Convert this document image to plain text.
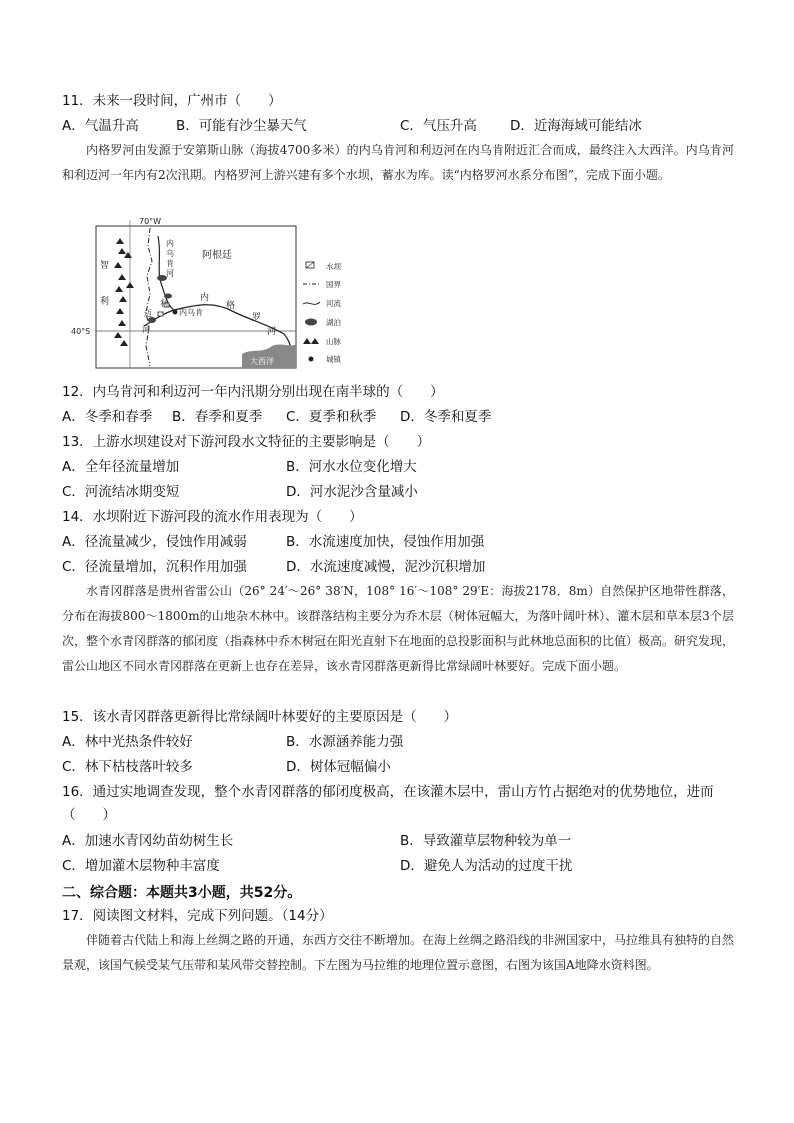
11．未来一段时间，广州市（　　）
A．气温升高	B．可能有沙尘暴天气	C．气压升高 D．近海海域可能结冰
内格罗河由发源于安第斯山脉（海拔4700多米）的内乌肯河和利迈河在内乌肯附近汇合而成，最终注入大西洋。内乌肯河和利迈河一年内有2次汛期。内格罗河上游兴建有多个水坝，蓄水为库。读“内格罗河水系分布图”，完成下面小题。
70°W
40°S
智
利
内乌肯
内
乌
肯
河
利
迈
河
内
格
罗
河
阿根廷
大西洋
水坝
国界
河流
湖泊
山脉
城镇
12．内乌肯河和利迈河一年内汛期分别出现在南半球的（　　）
A．冬季和春季 B．春季和夏季 C．夏季和秋季 D．冬季和夏季
13．上游水坝建设对下游河段水文特征的主要影响是（　　）
A．全年径流量增加	B．河水水位变化增大
C．河流结冰期变短	D．河水泥沙含量减小
14．水坝附近下游河段的流水作用表现为（　　）
A．径流量减少，侵蚀作用减弱	B．水流速度加快，侵蚀作用加强
C．径流量增加，沉积作用加强	D．水流速度减慢，泥沙沉积增加
水青冈群落是贵州省雷公山（26° 24′～26° 38′N，108° 16′～108° 29′E：海拔2178．8m）自然保护区地带性群落，分布在海拔800～1800m的山地杂木林中。该群落结构主要分为乔木层（树体冠幅大，为落叶阔叶林）、灌木层和草本层3个层次，整个水青冈群落的郁闭度（指森林中乔木树冠在阳光直射下在地面的总投影面积与此林地总面积的比值）极高。研究发现，雷公山地区不同水青冈群落在更新上也存在差异，该水青冈群落更新得比常绿阔叶林要好。完成下面小题。
15．该水青冈群落更新得比常绿阔叶林要好的主要原因是（　　）
A．林中光热条件较好	B．水源涵养能力强
C．林下枯枝落叶较多	D．树体冠幅偏小
16．通过实地调查发现，整个水青冈群落的郁闭度极高，在该灌木层中，雷山方竹占据绝对的优势地位，进而
（　　）
A．加速水青冈幼苗幼树生长	B．导致灌草层物种较为单一
C．增加灌木层物种丰富度	D．避免人为活动的过度干扰
二、综合题：本题共3小题，共52分。
17．阅读图文材料，完成下列问题。（14分）
伴随着古代陆上和海上丝绸之路的开通，东西方交往不断增加。在海上丝绸之路沿线的非洲国家中，马拉维具有独特的自然景观，该国气候受某气压带和某风带交替控制。下左图为马拉维的地理位置示意图，右图为该国A地降水资料图。
